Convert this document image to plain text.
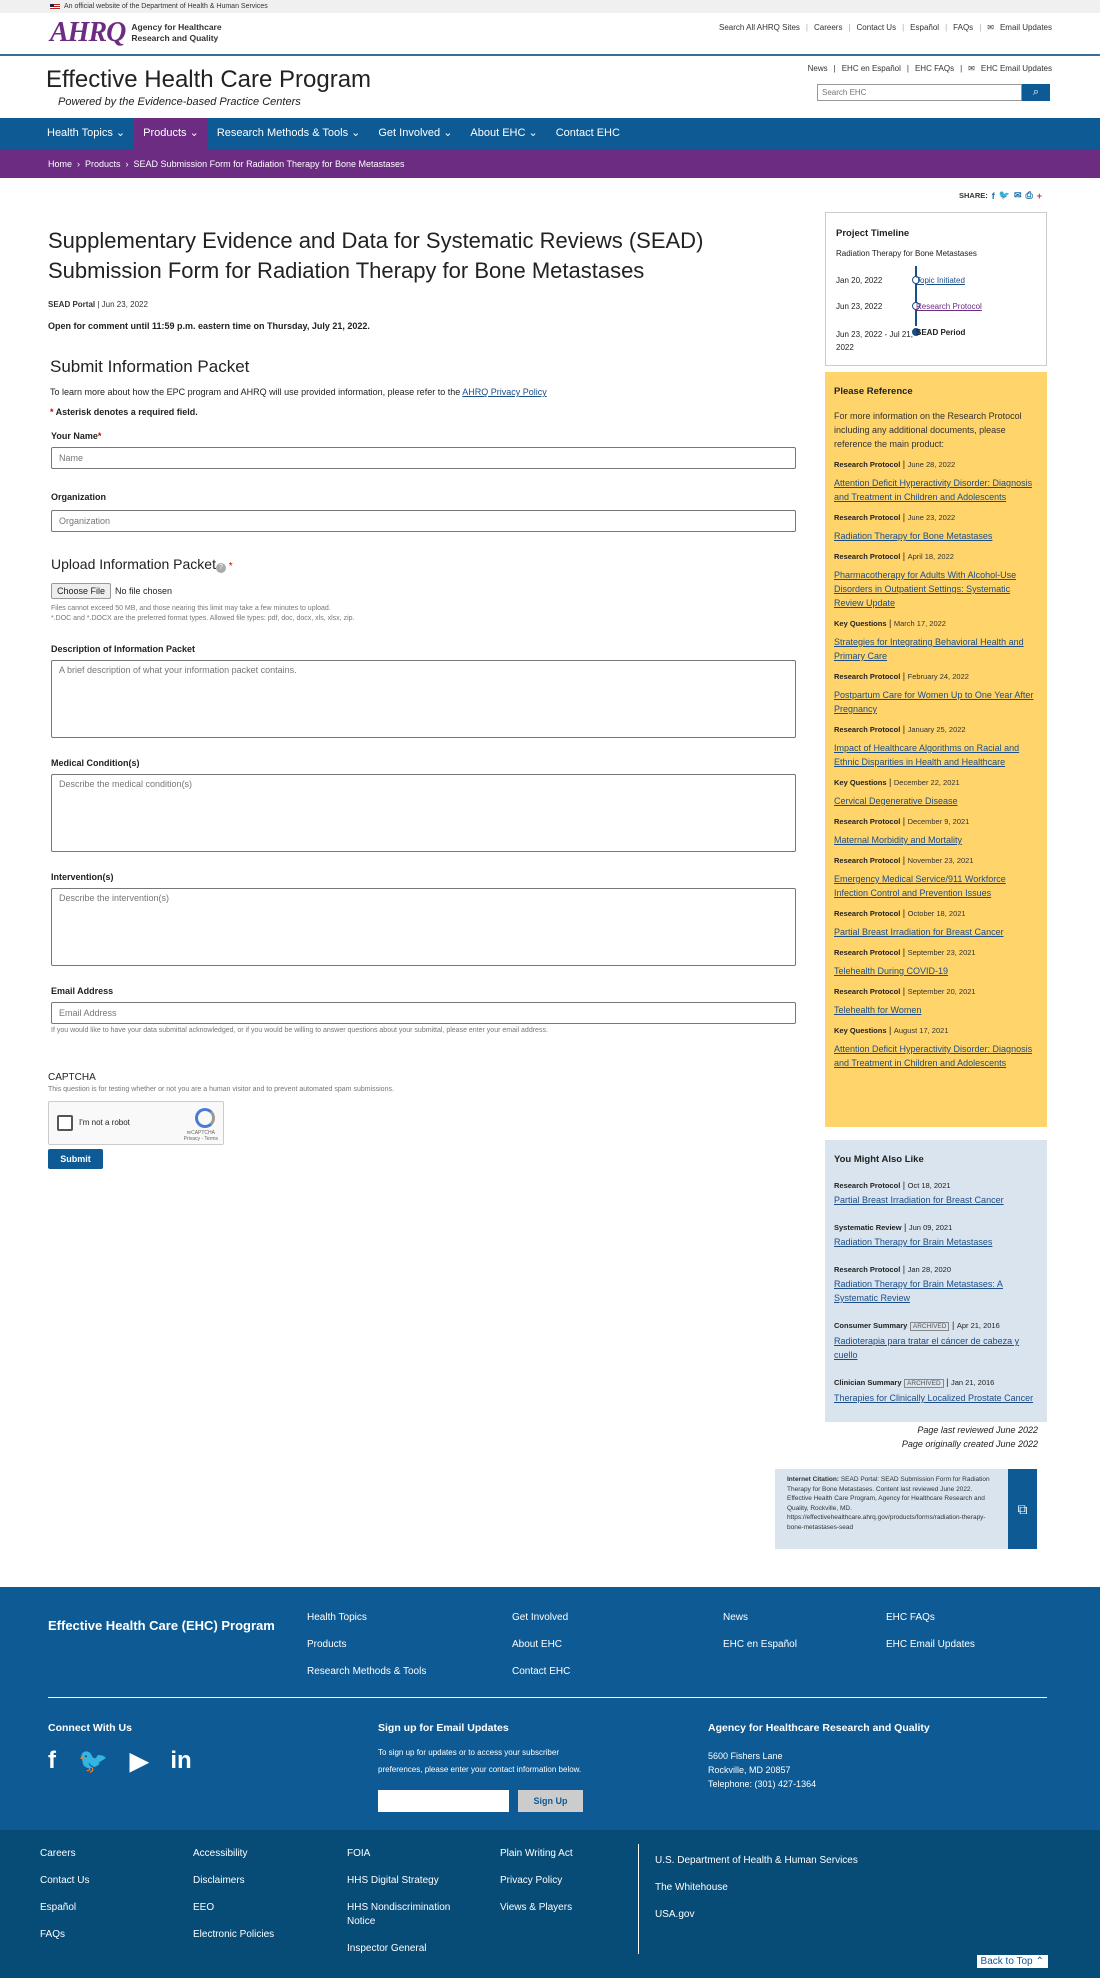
An official website of the Department of Health & Human Services
AHRQ Agency for Healthcare
Research and Quality
Search All AHRQ Sites | Careers | Contact Us | Español | FAQs | ✉ Email Updates
Effective Health Care Program
Powered by the Evidence-based Practice Centers
News | EHC en Español | EHC FAQs | ✉ EHC Email Updates
Search EHC
⌕
Health Topics ⌄	Products ⌄	Research Methods & Tools ⌄	Get Involved ⌄	About EHC ⌄	Contact EHC
Home › Products › SEAD Submission Form for Radiation Therapy for Bone Metastases
SHARE: f 🐦 ✉ ⎙ +
Supplementary Evidence and Data for Systematic Reviews (SEAD) Submission Form for Radiation Therapy for Bone Metastases
SEAD Portal | Jun 23, 2022
Open for comment until 11:59 p.m. eastern time on Thursday, July 21, 2022.
Submit Information Packet
To learn more about how the EPC program and AHRQ will use provided information, please refer to the AHRQ Privacy Policy
* Asterisk denotes a required field.
Your Name*
Name
Organization
Organization
Upload Information Packet ? *
Choose File	No file chosen
Files cannot exceed 50 MB, and those nearing this limit may take a few minutes to upload.
*.DOC and *.DOCX are the preferred format types. Allowed file types: pdf, doc, docx, xls, xlsx, zip.
Description of Information Packet
A brief description of what your information packet contains.
Medical Condition(s)
Describe the medical condition(s)
Intervention(s)
Describe the intervention(s)
Email Address
Email Address
If you would like to have your data submittal acknowledged, or if you would be willing to answer questions about your submittal, please enter your email address.
CAPTCHA
This question is for testing whether or not you are a human visitor and to prevent automated spam submissions.
I'm not a robot
reCAPTCHA
Privacy - Terms
Submit
Project Timeline
Radiation Therapy for Bone Metastases
Jan 20, 2022	Topic Initiated
Jun 23, 2022	Research Protocol
Jun 23, 2022 - Jul 21, 2022
SEAD Period
Please Reference
For more information on the Research Protocol including any additional documents, please reference the main product:
Research Protocol | June 28, 2022
Attention Deficit Hyperactivity Disorder: Diagnosis and Treatment in Children and Adolescents
Research Protocol | June 23, 2022
Radiation Therapy for Bone Metastases
Research Protocol | April 18, 2022
Pharmacotherapy for Adults With Alcohol-Use Disorders in Outpatient Settings: Systematic Review Update
Key Questions | March 17, 2022
Strategies for Integrating Behavioral Health and Primary Care
Research Protocol | February 24, 2022
Postpartum Care for Women Up to One Year After Pregnancy
Research Protocol | January 25, 2022
Impact of Healthcare Algorithms on Racial and Ethnic Disparities in Health and Healthcare
Key Questions | December 22, 2021
Cervical Degenerative Disease
Research Protocol | December 9, 2021
Maternal Morbidity and Mortality
Research Protocol | November 23, 2021
Emergency Medical Service/911 Workforce Infection Control and Prevention Issues
Research Protocol | October 18, 2021
Partial Breast Irradiation for Breast Cancer
Research Protocol | September 23, 2021
Telehealth During COVID-19
Research Protocol | September 20, 2021
Telehealth for Women
Key Questions | August 17, 2021
Attention Deficit Hyperactivity Disorder: Diagnosis and Treatment in Children and Adolescents
You Might Also Like
Research Protocol | Oct 18, 2021
Partial Breast Irradiation for Breast Cancer
Systematic Review | Jun 09, 2021
Radiation Therapy for Brain Metastases
Research Protocol | Jan 28, 2020
Radiation Therapy for Brain Metastases: A Systematic Review
Consumer Summary ARCHIVED | Apr 21, 2016
Radioterapia para tratar el cáncer de cabeza y cuello
Clinician Summary ARCHIVED | Jan 21, 2016
Therapies for Clinically Localized Prostate Cancer
Page last reviewed June 2022
Page originally created June 2022
Internet Citation: SEAD Portal: SEAD Submission Form for Radiation Therapy for Bone Metastases. Content last reviewed June 2022. Effective Health Care Program, Agency for Healthcare Research and Quality, Rockville, MD. https://effectivehealthcare.ahrq.gov/products/forms/radiation-therapy-bone-metastases-sead
⧉
Effective Health Care (EHC) Program
Health Topics
Products
Research Methods & Tools
Get Involved
About EHC
Contact EHC
News
EHC en Español
EHC FAQs
EHC Email Updates
Connect With Us
f 🐦 ▶ in
Sign up for Email Updates
To sign up for updates or to access your subscriber preferences, please enter your contact information below.
Sign Up
Agency for Healthcare Research and Quality
5600 Fishers Lane
Rockville, MD 20857
Telephone: (301) 427-1364
Careers
Contact Us
Español
FAQs
Accessibility
Disclaimers
EEO
Electronic Policies
FOIA
HHS Digital Strategy
HHS Nondiscrimination Notice
Inspector General
Plain Writing Act
Privacy Policy
Views & Players
U.S. Department of Health & Human Services
The Whitehouse
USA.gov
Back to Top ⌃
